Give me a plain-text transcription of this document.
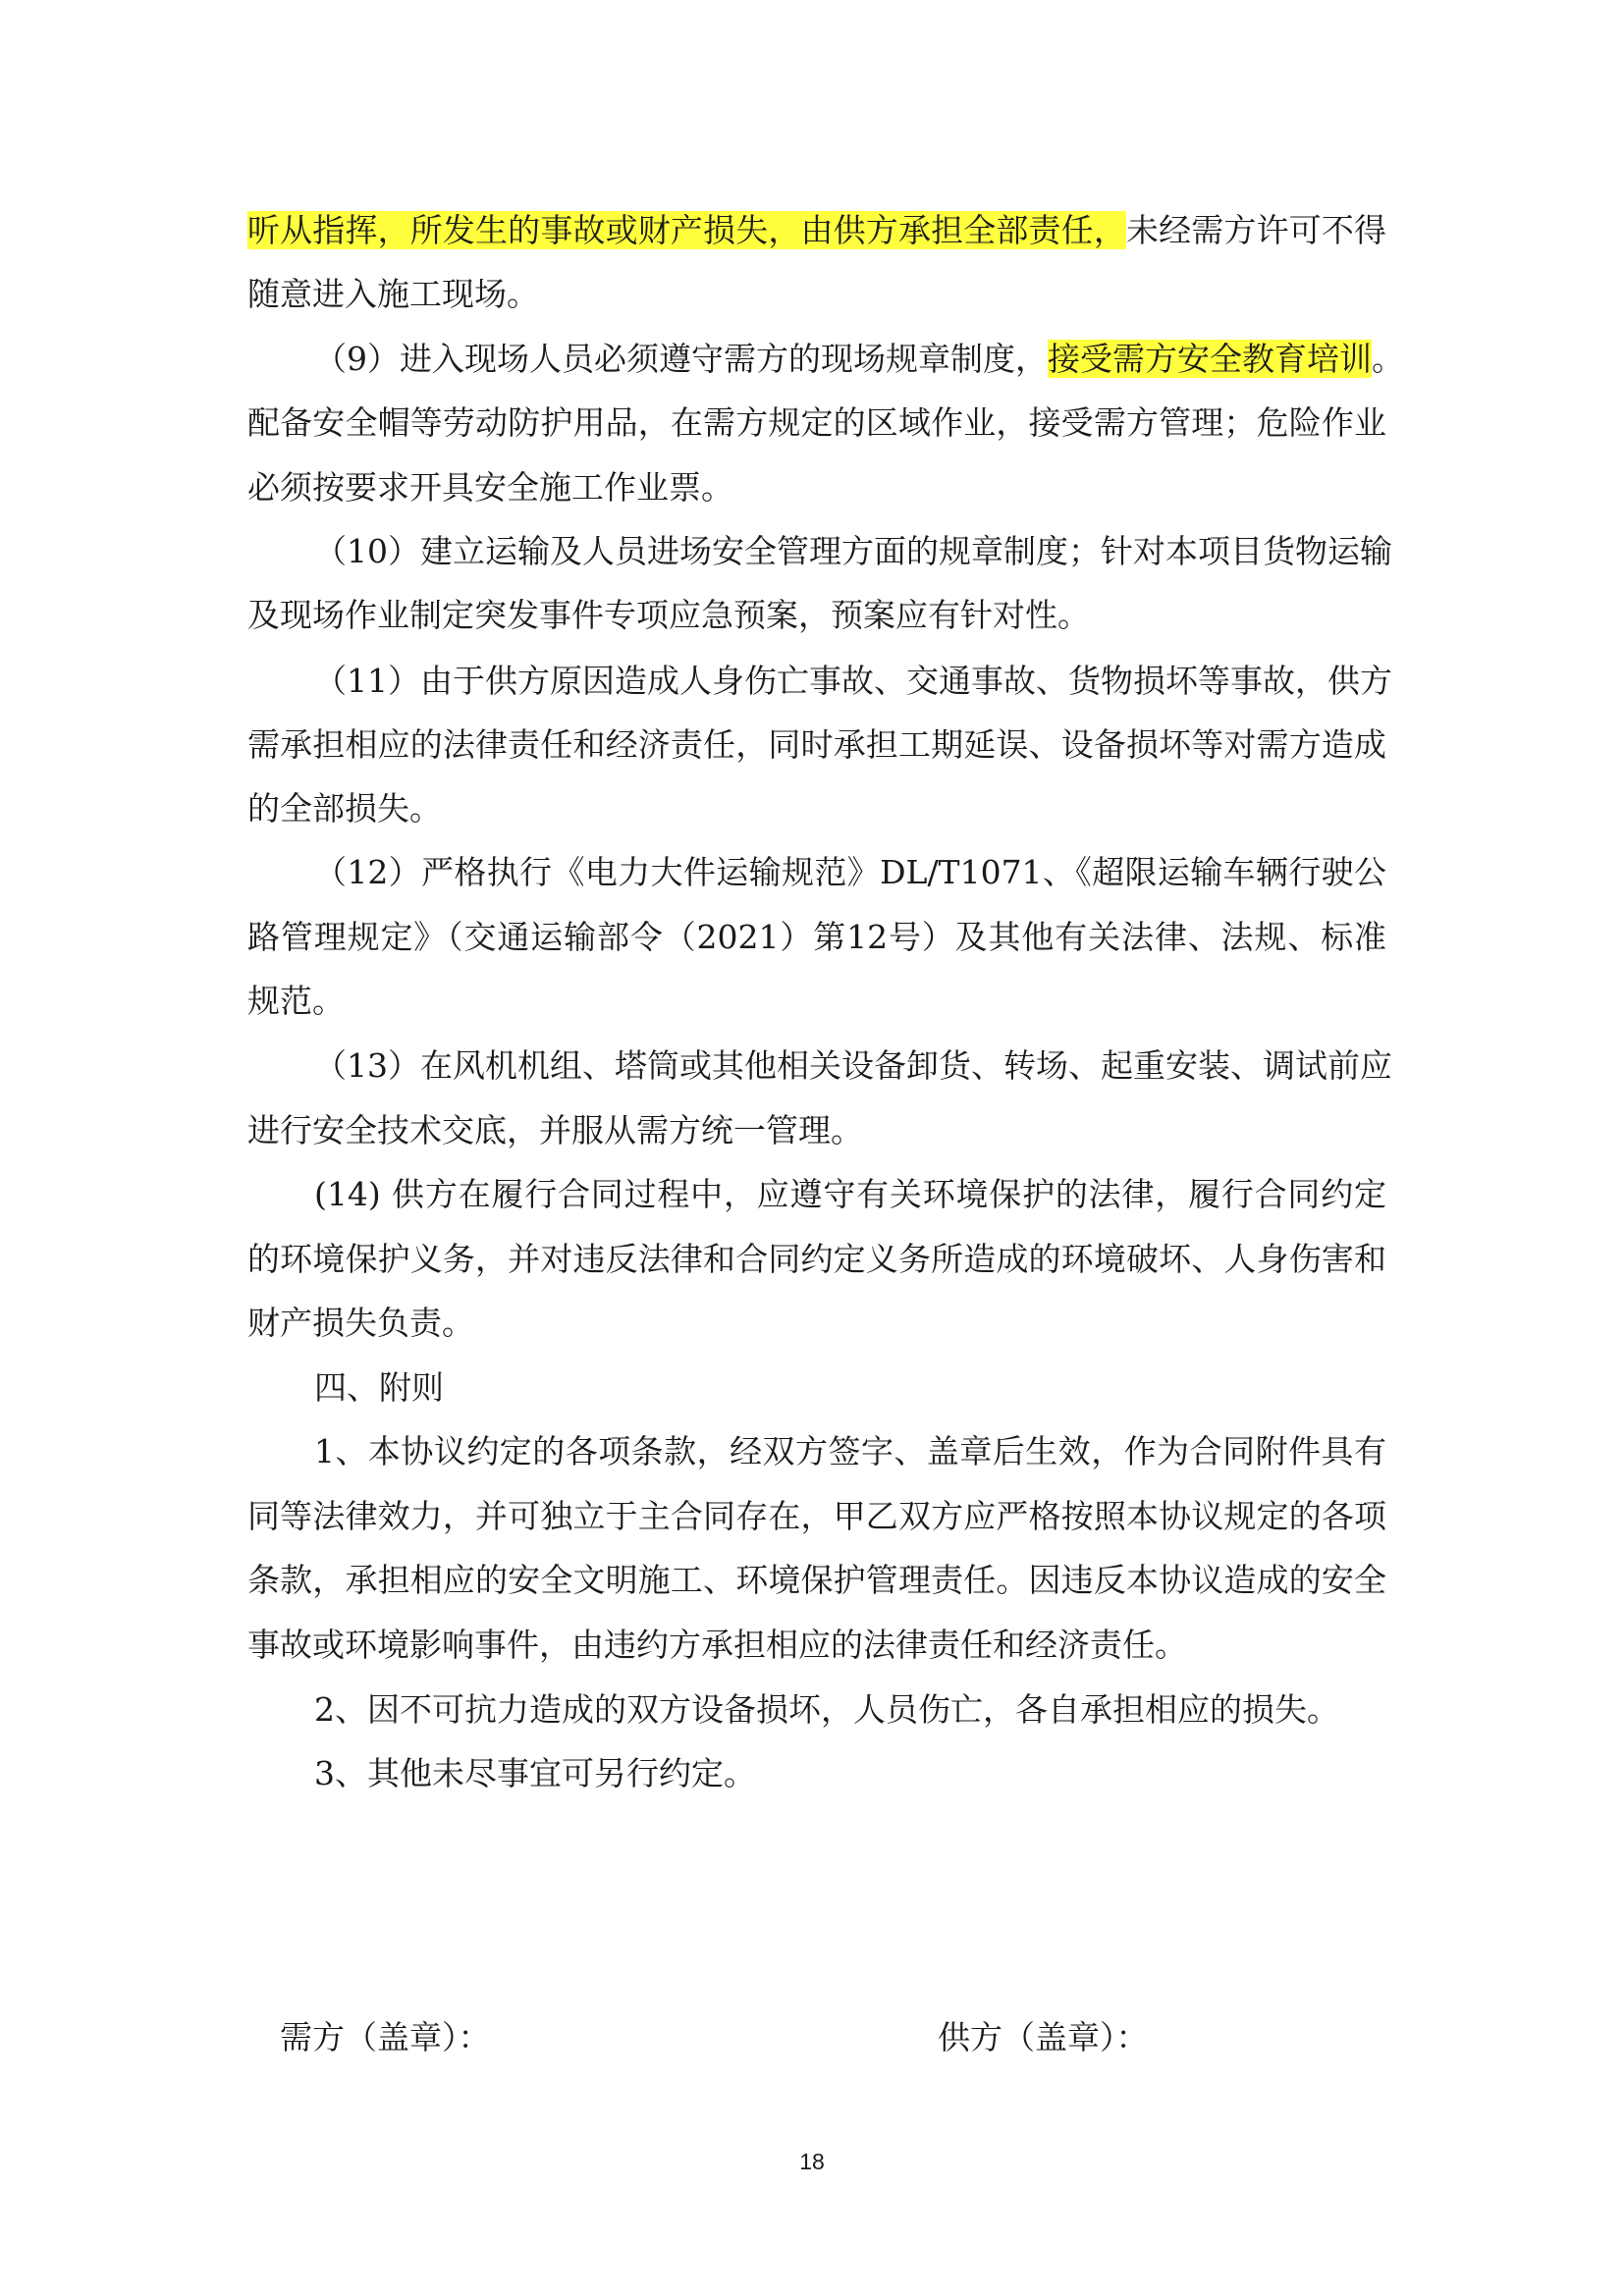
听从指挥，所发生的事故或财产损失，由供方承担全部责任，未经需方许可不得
随意进入施工现场。
（9）进入现场人员必须遵守需方的现场规章制度，接受需方安全教育培训。
配备安全帽等劳动防护用品，在需方规定的区域作业，接受需方管理；危险作业
必须按要求开具安全施工作业票。
（10）建立运输及人员进场安全管理方面的规章制度；针对本项目货物运输
及现场作业制定突发事件专项应急预案，预案应有针对性。
（11）由于供方原因造成人身伤亡事故、交通事故、货物损坏等事故，供方
需承担相应的法律责任和经济责任，同时承担工期延误、设备损坏等对需方造成
的全部损失。
（12）严格执行《电力大件运输规范》DL/T1071、《超限运输车辆行驶公
路管理规定》（交通运输部令（2021）第12号）及其他有关法律、法规、标准
规范。
（13）在风机机组、塔筒或其他相关设备卸货、转场、起重安装、调试前应
进行安全技术交底，并服从需方统一管理。
(14) 供方在履行合同过程中，应遵守有关环境保护的法律，履行合同约定
的环境保护义务，并对违反法律和合同约定义务所造成的环境破坏、人身伤害和
财产损失负责。
四、附则
1、本协议约定的各项条款，经双方签字、盖章后生效，作为合同附件具有
同等法律效力，并可独立于主合同存在，甲乙双方应严格按照本协议规定的各项
条款，承担相应的安全文明施工、环境保护管理责任。因违反本协议造成的安全
事故或环境影响事件，由违约方承担相应的法律责任和经济责任。
2、因不可抗力造成的双方设备损坏，人员伤亡，各自承担相应的损失。
3、其他未尽事宜可另行约定。
需方（盖章）：	供方（盖章）：
18
